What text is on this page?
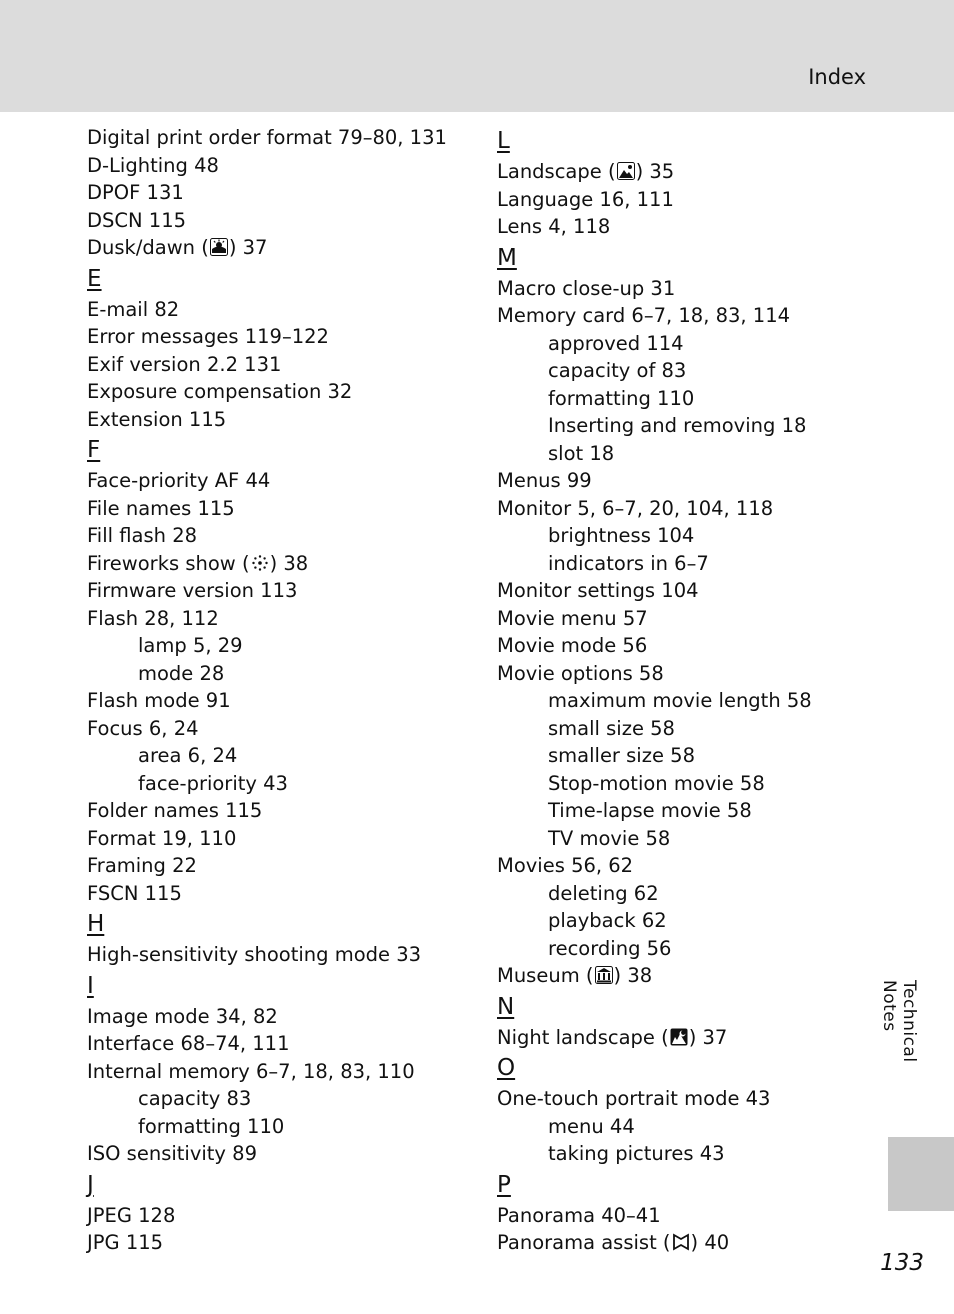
Index
Digital print order format 79–80, 131
D-Lighting 48
DPOF 131
DSCN 115
Dusk/dawn ( ) 37
E
E-mail 82
Error messages 119–122
Exif version 2.2 131
Exposure compensation 32
Extension 115
F
Face-priority AF 44
File names 115
Fill flash 28
Fireworks show ( ) 38
Firmware version 113
Flash 28, 112
lamp 5, 29
mode 28
Flash mode 91
Focus 6, 24
area 6, 24
face-priority 43
Folder names 115
Format 19, 110
Framing 22
FSCN 115
H
High-sensitivity shooting mode 33
I
Image mode 34, 82
Interface 68–74, 111
Internal memory 6–7, 18, 83, 110
capacity 83
formatting 110
ISO sensitivity 89
J
JPEG 128
JPG 115
L
Landscape ( ) 35
Language 16, 111
Lens 4, 118
M
Macro close-up 31
Memory card 6–7, 18, 83, 114
approved 114
capacity of 83
formatting 110
Inserting and removing 18
slot 18
Menus 99
Monitor 5, 6–7, 20, 104, 118
brightness 104
indicators in 6–7
Monitor settings 104
Movie menu 57
Movie mode 56
Movie options 58
maximum movie length 58
small size 58
smaller size 58
Stop-motion movie 58
Time-lapse movie 58
TV movie 58
Movies 56, 62
deleting 62
playback 62
recording 56
Museum ( ) 38
N
Night landscape ( ) 37
O
One-touch portrait mode 43
menu 44
taking pictures 43
P
Panorama 40–41
Panorama assist ( ) 40
Technical Notes
133
